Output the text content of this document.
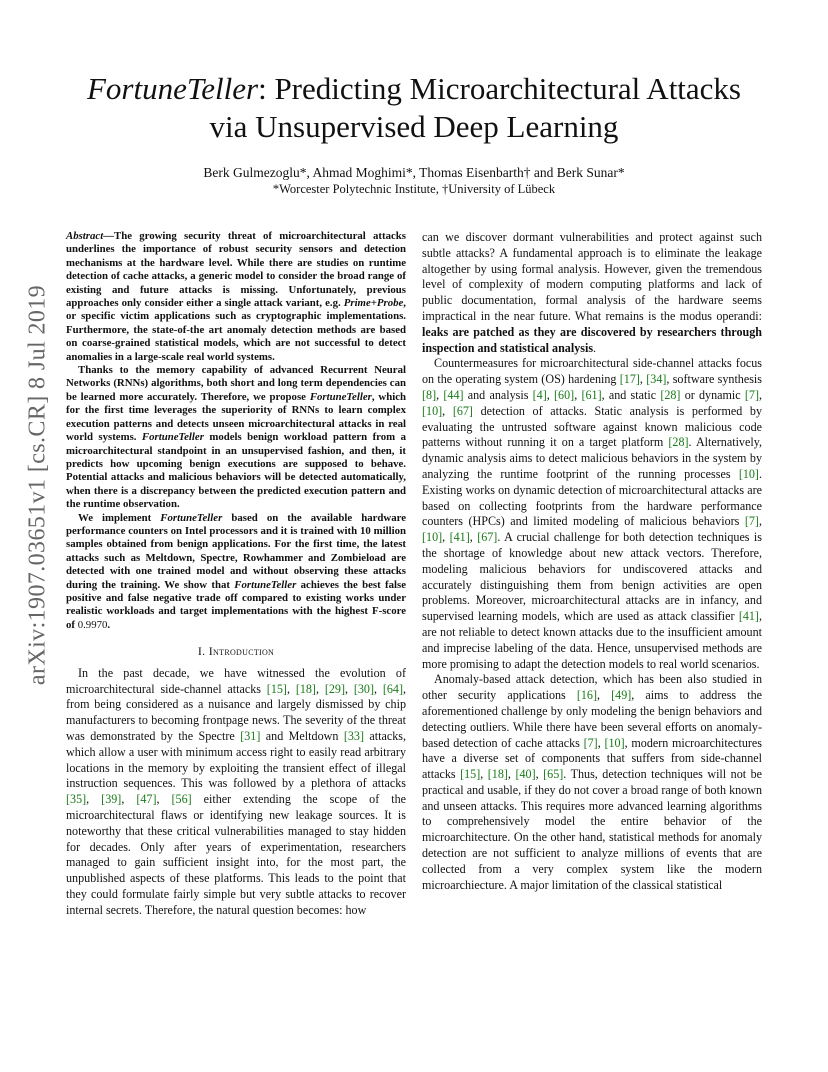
FortuneTeller: Predicting Microarchitectural Attacks
via Unsupervised Deep Learning
Berk Gulmezoglu*, Ahmad Moghimi*, Thomas Eisenbarth† and Berk Sunar*
*Worcester Polytechnic Institute, †University of Lübeck
arXiv:1907.03651v1 [cs.CR] 8 Jul 2019

Abstract—The growing security threat of microarchitectural attacks underlines the importance of robust security sensors and detection mechanisms at the hardware level. While there are studies on runtime detection of cache attacks, a generic model to consider the broad range of existing and future attacks is missing. Unfortunately, previous approaches only consider either a single attack variant, e.g. Prime+Probe, or specific victim applications such as cryptographic implementations. Furthermore, the state-of-the art anomaly detection methods are based on coarse-grained statistical models, which are not successful to detect anomalies in a large-scale real world systems.

Thanks to the memory capability of advanced Recurrent Neural Networks (RNNs) algorithms, both short and long term dependencies can be learned more accurately. Therefore, we propose FortuneTeller, which for the first time leverages the superiority of RNNs to learn complex execution patterns and detects unseen microarchitectural attacks in real world systems. FortuneTeller models benign workload pattern from a microarchitectural standpoint in an unsupervised fashion, and then, it predicts how upcoming benign executions are supposed to behave. Potential attacks and malicious behaviors will be detected automatically, when there is a discrepancy between the predicted execution pattern and the runtime observation.

We implement FortuneTeller based on the available hardware performance counters on Intel processors and it is trained with 10 million samples obtained from benign applications. For the first time, the latest attacks such as Meltdown, Spectre, Rowhammer and Zombieload are detected with one trained model and without observing these attacks during the training. We show that FortuneTeller achieves the best false positive and false negative trade off compared to existing works under realistic workloads and target implementations with the highest F-score of 0.9970.

I. Introduction

In the past decade, we have witnessed the evolution of microarchitectural side-channel attacks [15], [18], [29], [30], [64], from being considered as a nuisance and largely dismissed by chip manufacturers to becoming frontpage news. The severity of the threat was demonstrated by the Spectre [31] and Meltdown [33] attacks, which allow a user with minimum access right to easily read arbitrary locations in the memory by exploiting the transient effect of illegal instruction sequences. This was followed by a plethora of attacks [35], [39], [47], [56] either extending the scope of the microarchitectural flaws or identifying new leakage sources. It is noteworthy that these critical vulnerabilities managed to stay hidden for decades. Only after years of experimentation, researchers managed to gain sufficient insight into, for the most part, the unpublished aspects of these platforms. This leads to the point that they could formulate fairly simple but very subtle attacks to recover internal secrets. Therefore, the natural question becomes: how

can we discover dormant vulnerabilities and protect against such subtle attacks? A fundamental approach is to eliminate the leakage altogether by using formal analysis. However, given the tremendous level of complexity of modern computing platforms and lack of public documentation, formal analysis of the hardware seems impractical in the near future. What remains is the modus operandi: leaks are patched as they are discovered by researchers through inspection and statistical analysis.

Countermeasures for microarchitectural side-channel attacks focus on the operating system (OS) hardening [17], [34], software synthesis [8], [44] and analysis [4], [60], [61], and static [28] or dynamic [7], [10], [67] detection of attacks. Static analysis is performed by evaluating the untrusted software against known malicious code patterns without running it on a target platform [28]. Alternatively, dynamic analysis aims to detect malicious behaviors in the system by analyzing the runtime footprint of the running processes [10]. Existing works on dynamic detection of microarchitectural attacks are based on collecting footprints from the hardware performance counters (HPCs) and limited modeling of malicious behaviors [7], [10], [41], [67]. A crucial challenge for both detection techniques is the shortage of knowledge about new attack vectors. Therefore, modeling malicious behaviors for undiscovered attacks and accurately distinguishing them from benign activities are open problems. Moreover, microarchitectural attacks are in infancy, and supervised learning models, which are used as attack classifier [41], are not reliable to detect known attacks due to the insufficient amount and imprecise labeling of the data. Hence, unsupervised methods are more promising to adapt the detection models to real world scenarios.

Anomaly-based attack detection, which has been also studied in other security applications [16], [49], aims to address the aforementioned challenge by only modeling the benign behaviors and detecting outliers. While there have been several efforts on anomaly-based detection of cache attacks [7], [10], modern microarchitectures have a diverse set of components that suffers from side-channel attacks [15], [18], [40], [65]. Thus, detection techniques will not be practical and usable, if they do not cover a broad range of both known and unseen attacks. This requires more advanced learning algorithms to comprehensively model the entire behavior of the microarchitecture. On the other hand, statistical methods for anomaly detection are not sufficient to analyze millions of events that are collected from a very complex system like the modern microarchiecture. A major limitation of the classical statistical
